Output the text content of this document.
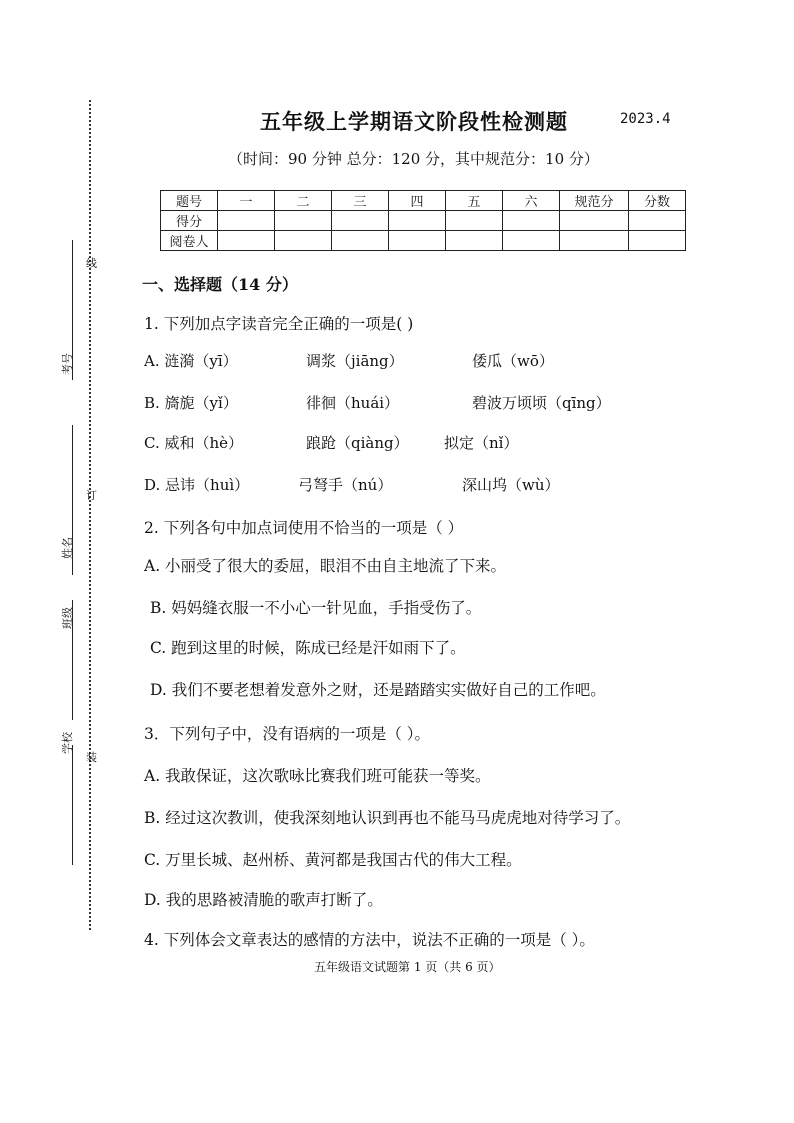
线
订
装
考号
姓名
班级
学校
五年级上学期语文阶段性检测题	2023.4
（时间：90 分钟 总分：120 分，其中规范分：10 分）
题号	一	二	三	四	五	六	规范分	分数
得分								
阅卷人								
一、选择题（14 分）
1. 下列加点字读音完全正确的一项是( )
A. 涟漪（yī）	调浆（jiāng）	倭瓜（wō）
B. 旖旎（yǐ）	徘徊（huái）	碧波万顷顷（qīng）
C. 威和（hè）	踉跄（qiàng） 拟定（nǐ）
D. 忌讳（huì）	弓弩手（nú）	深山坞（wù）
2. 下列各句中加点词使用不恰当的一项是（ ）
A. 小丽受了很大的委屈，眼泪不由自主地流了下来。
B. 妈妈缝衣服一不小心一针见血，手指受伤了。
C. 跑到这里的时候，陈成已经是汗如雨下了。
D. 我们不要老想着发意外之财，还是踏踏实实做好自己的工作吧。
3．下列句子中，没有语病的一项是（ ）。
A. 我敢保证，这次歌咏比赛我们班可能获一等奖。
B. 经过这次教训，使我深刻地认识到再也不能马马虎虎地对待学习了。
C. 万里长城、赵州桥、黄河都是我国古代的伟大工程。
D. 我的思路被清脆的歌声打断了。
4. 下列体会文章表达的感情的方法中，说法不正确的一项是（ ）。
五年级语文试题第 1 页（共 6 页）
